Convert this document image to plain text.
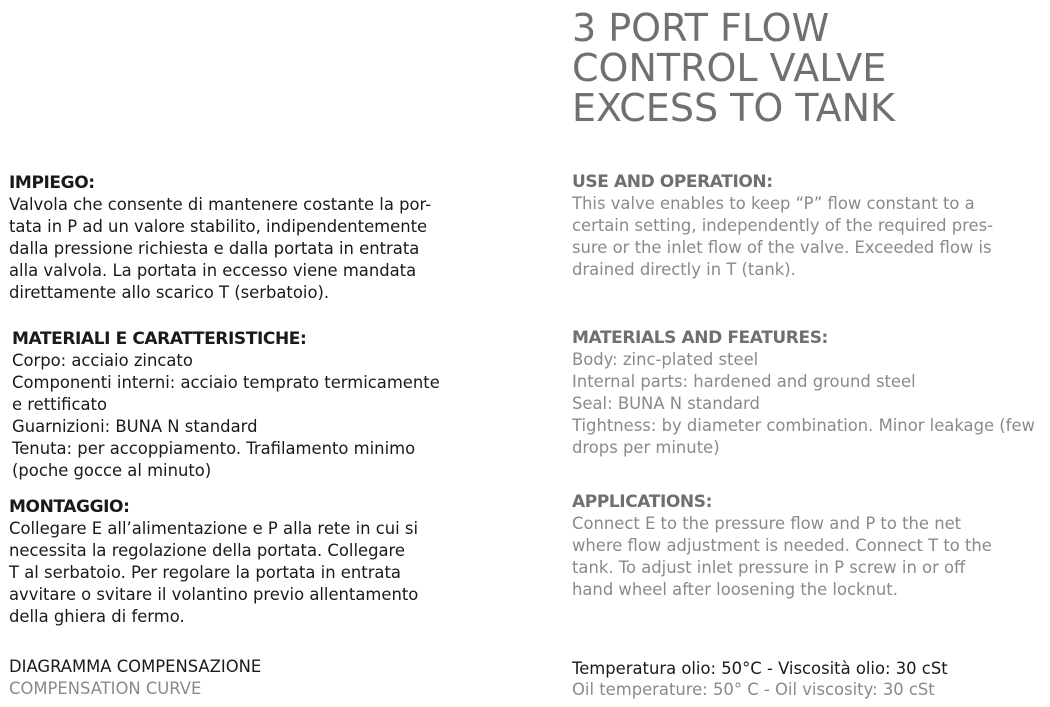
3 PORT FLOW
CONTROL VALVE
EXCESS TO TANK
IMPIEGO:
Valvola che consente di mantenere costante la por-
tata in P ad un valore stabilito, indipendentemente
dalla pressione richiesta e dalla portata in entrata
alla valvola. La portata in eccesso viene mandata
direttamente allo scarico T (serbatoio).
MATERIALI E CARATTERISTICHE:
Corpo: acciaio zincato
Componenti interni: acciaio temprato termicamente
e rettificato
Guarnizioni: BUNA N standard
Tenuta: per accoppiamento. Trafilamento minimo
(poche gocce al minuto)
MONTAGGIO:
Collegare E all’alimentazione e P alla rete in cui si
necessita la regolazione della portata. Collegare
T al serbatoio. Per regolare la portata in entrata
avvitare o svitare il volantino previo allentamento
della ghiera di fermo.
DIAGRAMMA COMPENSAZIONE
COMPENSATION CURVE
USE AND OPERATION:
This valve enables to keep “P” flow constant to a
certain setting, independently of the required pres-
sure or the inlet flow of the valve. Exceeded flow is
drained directly in T (tank).
MATERIALS AND FEATURES:
Body: zinc-plated steel
Internal parts: hardened and ground steel
Seal: BUNA N standard
Tightness: by diameter combination. Minor leakage (few
drops per minute)
APPLICATIONS:
Connect E to the pressure flow and P to the net
where flow adjustment is needed. Connect T to the
tank. To adjust inlet pressure in P screw in or off
hand wheel after loosening the locknut.
Temperatura olio: 50°C - Viscosità olio: 30 cSt
Oil temperature: 50° C - Oil viscosity: 30 cSt
